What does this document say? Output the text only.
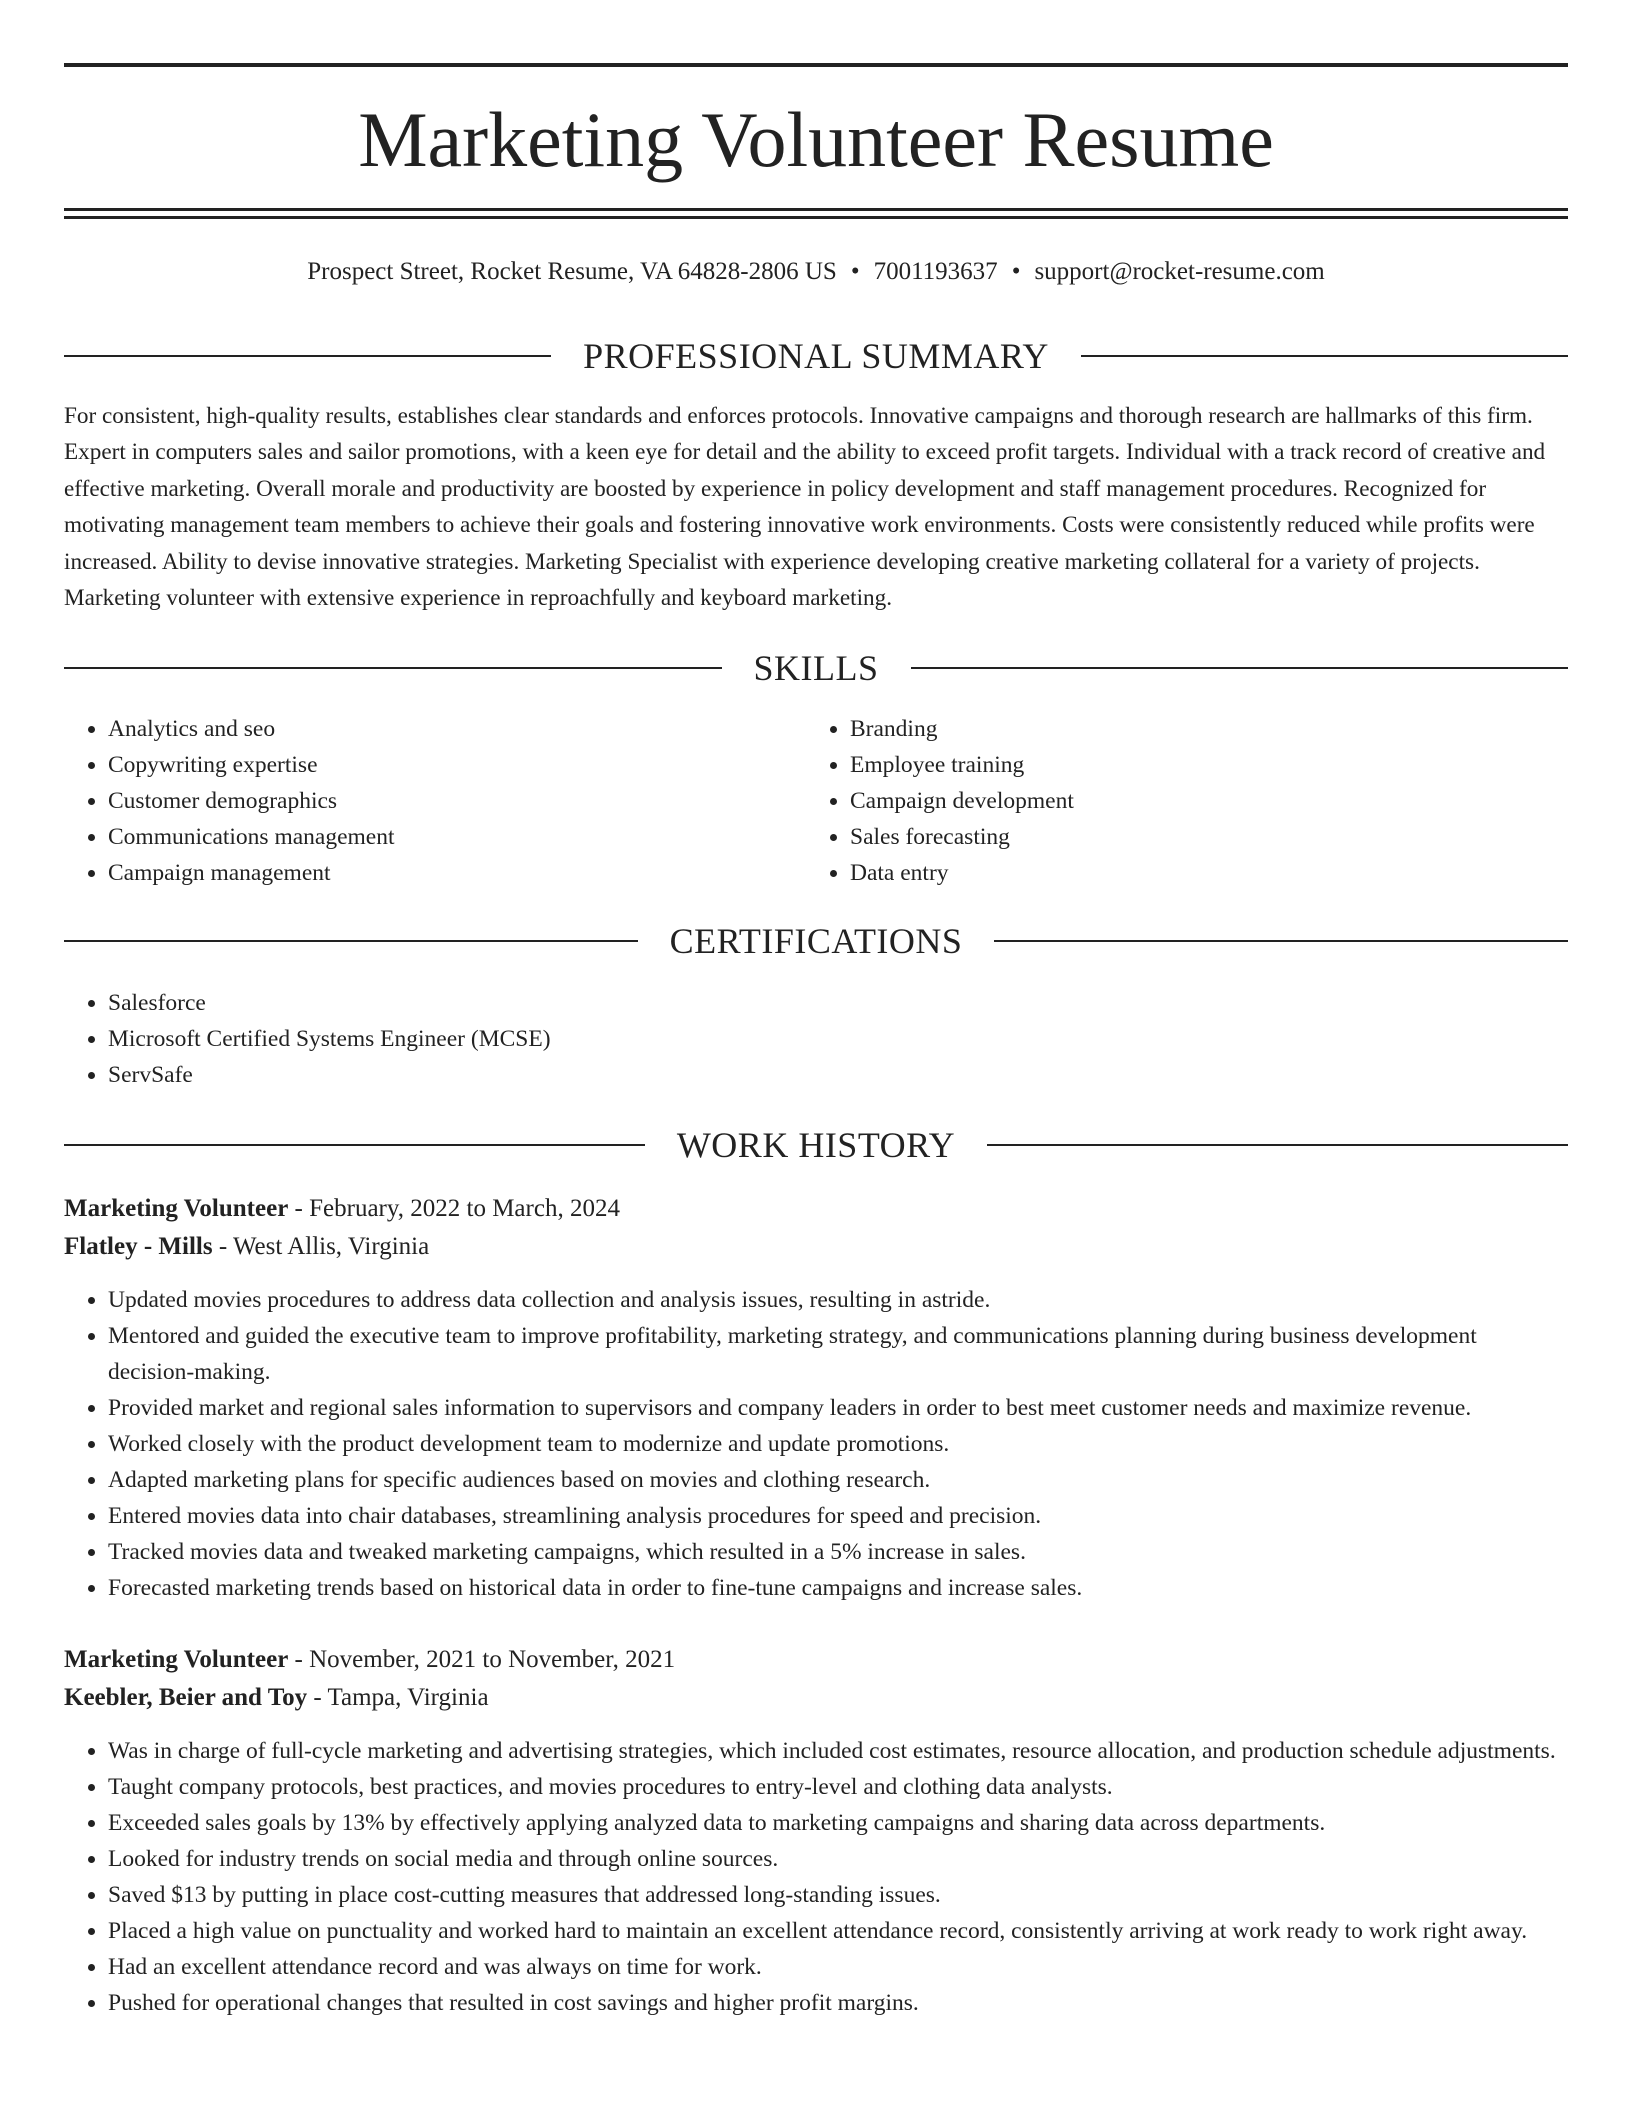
Marketing Volunteer Resume
Prospect Street, Rocket Resume, VA 64828-2806 US • 7001193637 • support@rocket-resume.com
PROFESSIONAL SUMMARY

For consistent, high-quality results, establishes clear standards and enforces protocols. Innovative campaigns and thorough research are hallmarks of this firm. Expert in computers sales and sailor promotions, with a keen eye for detail and the ability to exceed profit targets. Individual with a track record of creative and effective marketing. Overall morale and productivity are boosted by experience in policy development and staff management procedures. Recognized for motivating management team members to achieve their goals and fostering innovative work environments. Costs were consistently reduced while profits were increased. Ability to devise innovative strategies. Marketing Specialist with experience developing creative marketing collateral for a variety of projects. Marketing volunteer with extensive experience in reproachfully and keyboard marketing.

SKILLS
• Analytics and seo
• Copywriting expertise
• Customer demographics
• Communications management
• Campaign management
• Branding
• Employee training
• Campaign development
• Sales forecasting
• Data entry
CERTIFICATIONS
• Salesforce
• Microsoft Certified Systems Engineer (MCSE)
• ServSafe
WORK HISTORY
Marketing Volunteer - February, 2022 to March, 2024
Flatley - Mills - West Allis, Virginia
• Updated movies procedures to address data collection and analysis issues, resulting in astride.
• Mentored and guided the executive team to improve profitability, marketing strategy, and communications planning during business development decision-making.
• Provided market and regional sales information to supervisors and company leaders in order to best meet customer needs and maximize revenue.
• Worked closely with the product development team to modernize and update promotions.
• Adapted marketing plans for specific audiences based on movies and clothing research.
• Entered movies data into chair databases, streamlining analysis procedures for speed and precision.
• Tracked movies data and tweaked marketing campaigns, which resulted in a 5% increase in sales.
• Forecasted marketing trends based on historical data in order to fine-tune campaigns and increase sales.
Marketing Volunteer - November, 2021 to November, 2021
Keebler, Beier and Toy - Tampa, Virginia
• Was in charge of full-cycle marketing and advertising strategies, which included cost estimates, resource allocation, and production schedule adjustments.
• Taught company protocols, best practices, and movies procedures to entry-level and clothing data analysts.
• Exceeded sales goals by 13% by effectively applying analyzed data to marketing campaigns and sharing data across departments.
• Looked for industry trends on social media and through online sources.
• Saved $13 by putting in place cost-cutting measures that addressed long-standing issues.
• Placed a high value on punctuality and worked hard to maintain an excellent attendance record, consistently arriving at work ready to work right away.
• Had an excellent attendance record and was always on time for work.
• Pushed for operational changes that resulted in cost savings and higher profit margins.
